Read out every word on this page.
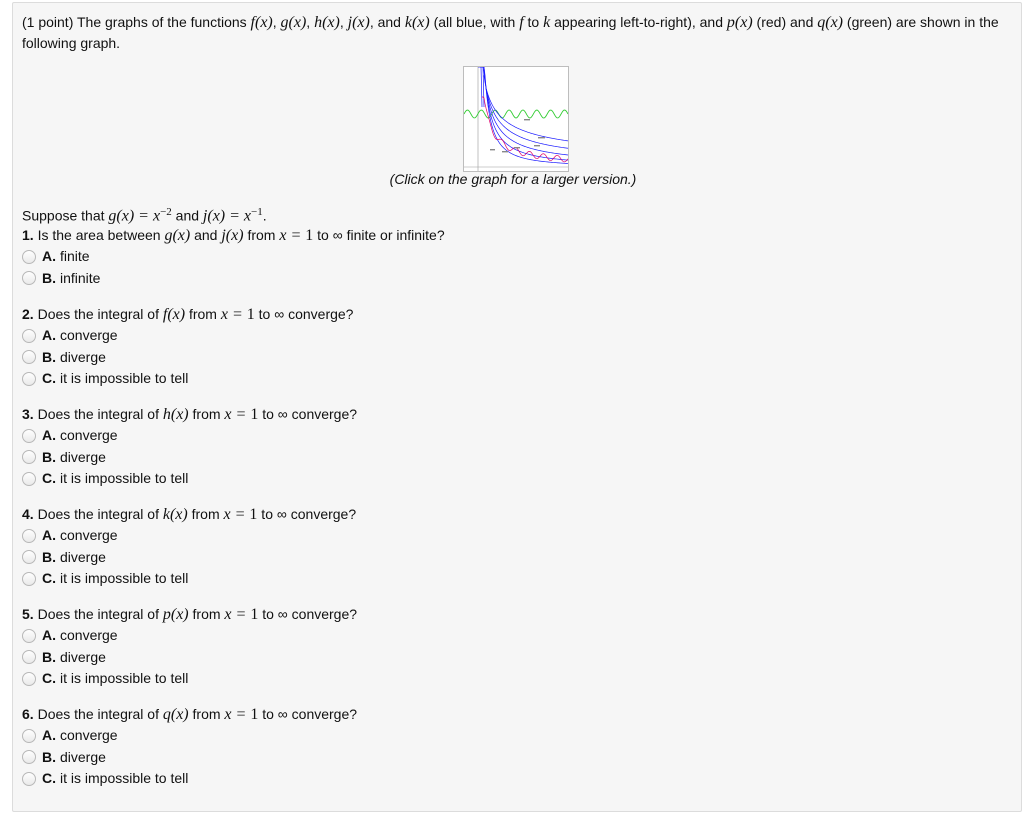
(1 point) The graphs of the functions f(x), g(x), h(x), j(x), and k(x) (all blue, with f to k appearing left-to-right), and p(x) (red) and q(x) (green) are shown in the following graph.
(Click on the graph for a larger version.)
Suppose that $g(x) = x^{-2}$ and $j(x) = x^{-1}$.
1. Is the area between g(x) and j(x) from x = 1 to ∞ finite or infinite?
A. finite
B. infinite
2. Does the integral of f(x) from x = 1 to ∞ converge?
A. converge
B. diverge
C. it is impossible to tell
3. Does the integral of h(x) from x = 1 to ∞ converge?
A. converge
B. diverge
C. it is impossible to tell
4. Does the integral of k(x) from x = 1 to ∞ converge?
A. converge
B. diverge
C. it is impossible to tell
5. Does the integral of p(x) from x = 1 to ∞ converge?
A. converge
B. diverge
C. it is impossible to tell
6. Does the integral of q(x) from x = 1 to ∞ converge?
A. converge
B. diverge
C. it is impossible to tell
